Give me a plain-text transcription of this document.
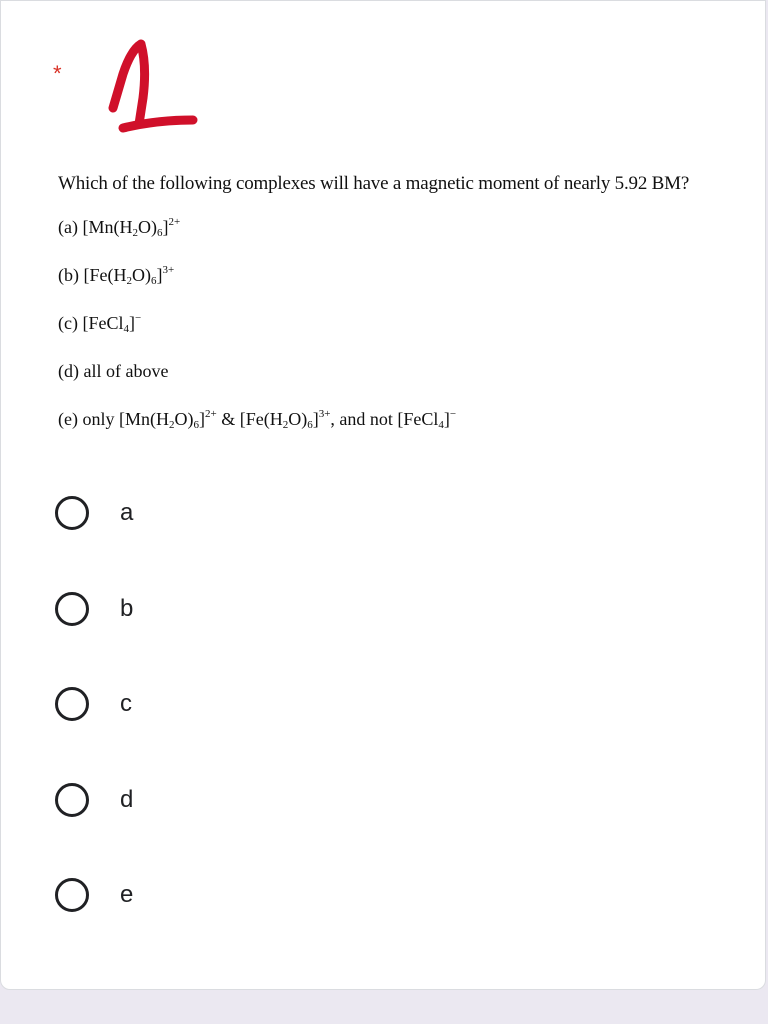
*
Which of the following complexes will have a magnetic moment of nearly 5.92 BM?
(a) $[Mn(H_2O)_6]^{2+}$
(b) $[Fe(H_2O)_6]^{3+}$
(c) [FeCl$_4$]−
(d) all of above
(e) only $[Mn(H_2O)_6]^{2+}$ & $[Fe(H_2O)_6]^{3+}$, and not [FeCl$_4$]−
a
b
c
d
e
